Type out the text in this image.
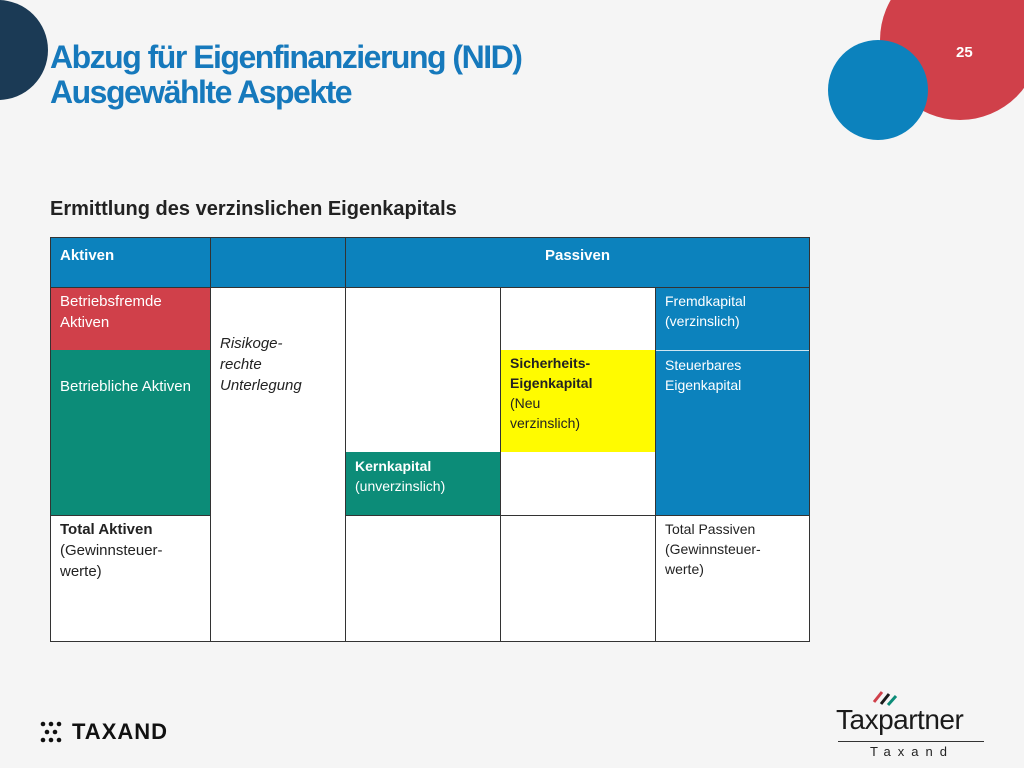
25
Abzug für Eigenfinanzierung (NID)
Ausgewählte Aspekte
Ermittlung des verzinslichen Eigenkapitals
Aktiven	Passiven
Betriebsfremde Aktiven
Betriebliche Aktiven
Total Aktiven
(Gewinnsteuer-
werte)
Risikoge-
rechte
Unterlegung
Kernkapital
(unverzinslich)
Sicherheits-
Eigenkapital
(Neu
verzinslich)
Fremdkapital
(verzinslich)
Steuerbares Eigenkapital
Total Passiven
(Gewinnsteuer-
werte)
TAXAND	Taxpartner
Taxand
